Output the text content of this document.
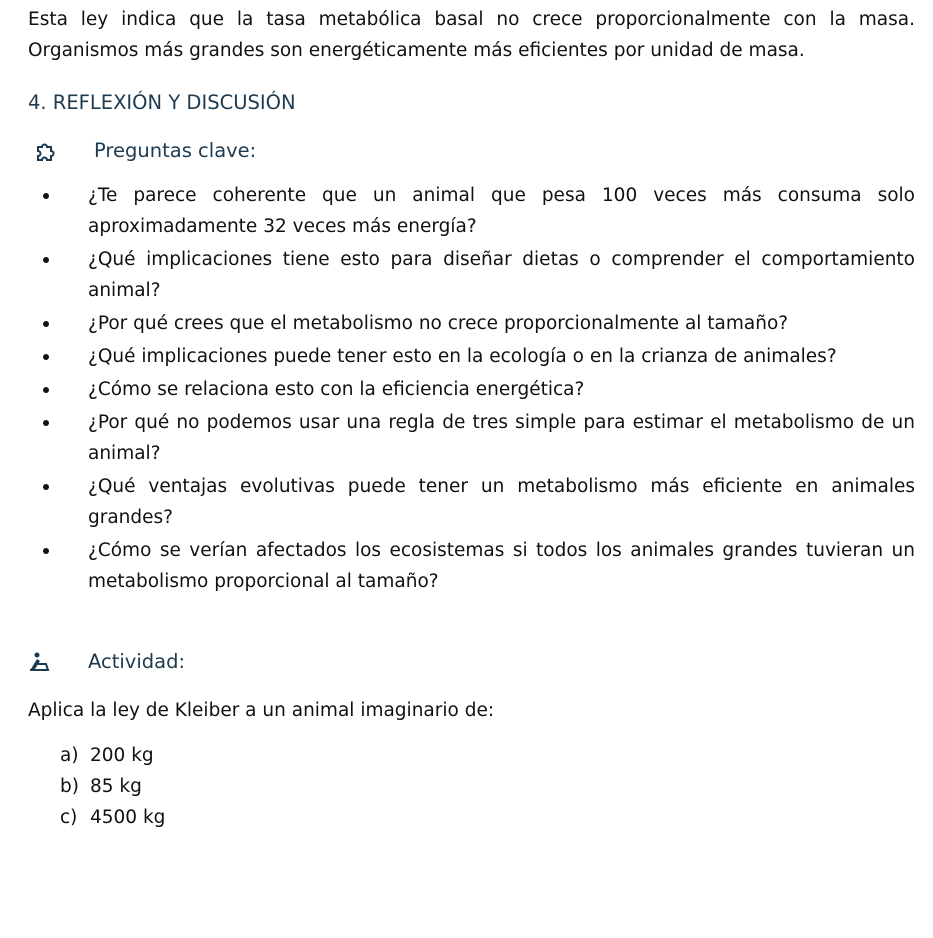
Esta ley indica que la tasa metabólica basal no crece proporcionalmente con la masa. Organismos más grandes son energéticamente más eficientes por unidad de masa.

4. REFLEXIÓN Y DISCUSIÓN
Preguntas clave:
¿Te parece coherente que un animal que pesa 100 veces más consuma solo aproximadamente 32 veces más energía?
¿Qué implicaciones tiene esto para diseñar dietas o comprender el comportamiento animal?
¿Por qué crees que el metabolismo no crece proporcionalmente al tamaño?
¿Qué implicaciones puede tener esto en la ecología o en la crianza de animales?
¿Cómo se relaciona esto con la eficiencia energética?
¿Por qué no podemos usar una regla de tres simple para estimar el metabolismo de un animal?
¿Qué ventajas evolutivas puede tener un metabolismo más eficiente en animales grandes?
¿Cómo se verían afectados los ecosistemas si todos los animales grandes tuvieran un metabolismo proporcional al tamaño?
Actividad:

Aplica la ley de Kleiber a un animal imaginario de:

a) 200 kg
b) 85 kg
c) 4500 kg
